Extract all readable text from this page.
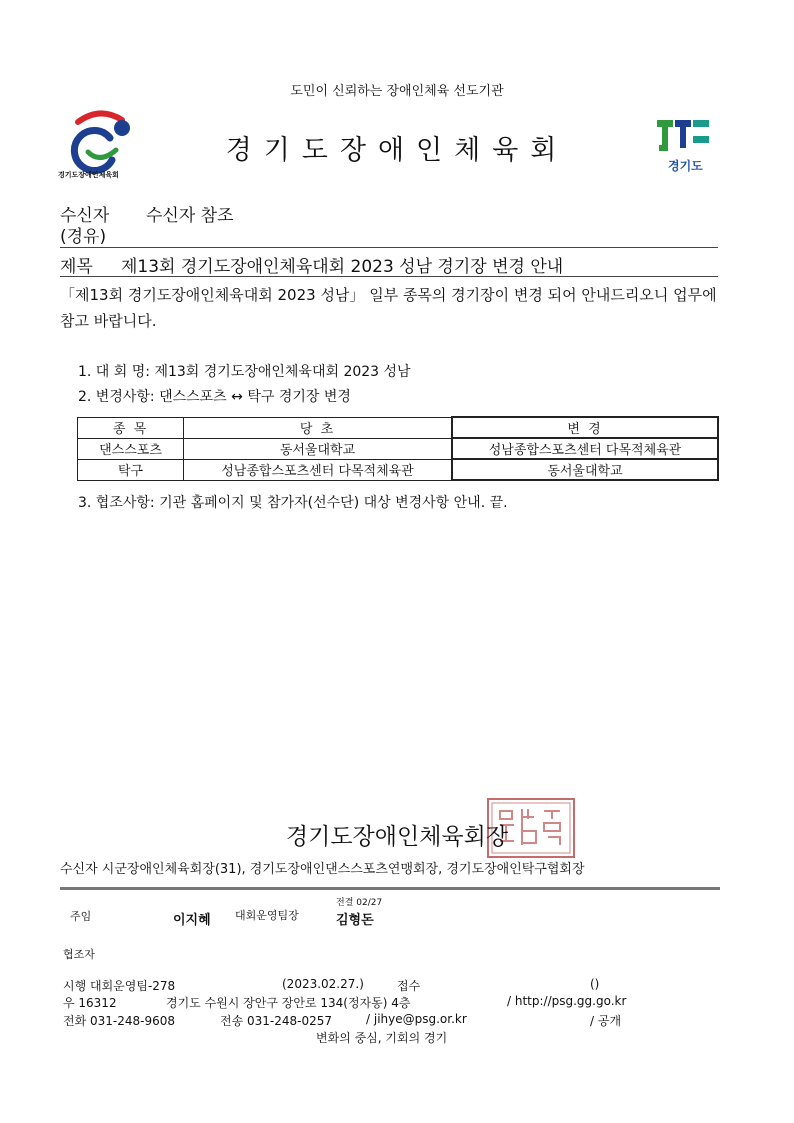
도민이 신뢰하는 장애인체육 선도기관
경기도장애인체육회
경기도장애인체육회	경기도
수신자 수신자 참조
(경유)
제목 제13회 경기도장애인체육대회 2023 성남 경기장 변경 안내
「제13회 경기도장애인체육대회 2023 성남」 일부 종목의 경기장이 변경 되어 안내드리오니 업무에 참고 바랍니다.
1. 대 회 명: 제13회 경기도장애인체육대회 2023 성남
2. 변경사항: 댄스스포츠 ↔ 탁구 경기장 변경
종 목	당 초	변 경
댄스스포츠	동서울대학교	성남종합스포츠센터 다목적체육관
탁구	성남종합스포츠센터 다목적체육관	동서울대학교
3. 협조사항: 기관 홈페이지 및 참가자(선수단) 대상 변경사항 안내. 끝.
경기도장애인체육회장
수신자 시군장애인체육회장(31), 경기도장애인댄스스포츠연맹회장, 경기도장애인탁구협회장
주임	이지혜 대회운영팀장
전결 02/27
김형돈
협조자
시행 대회운영팀-278	(2023.02.27.)	접수	()
우 16312	경기도 수원시 장안구 장안로 134(정자동) 4층	/ http://psg.gg.go.kr
전화 031-248-9608	전송 031-248-0257	/ jihye@psg.or.kr	/ 공개
변화의 중심, 기회의 경기
